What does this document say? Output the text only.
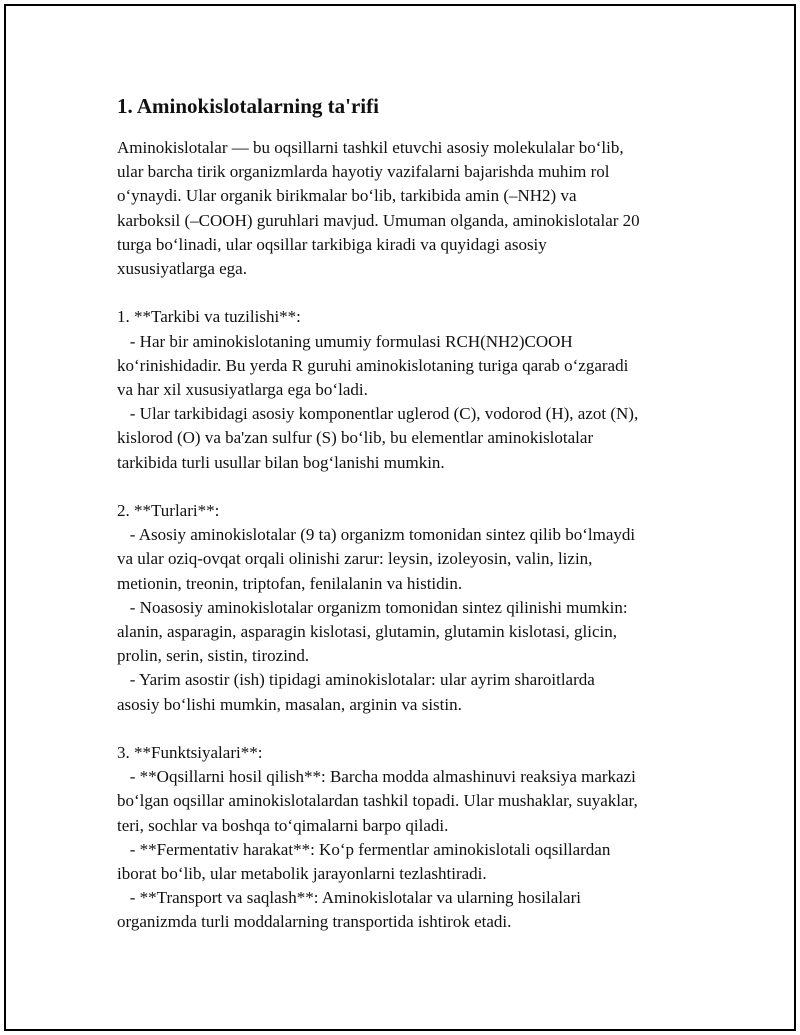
1. Aminokislotalarning ta'rifi

Aminokislotalar — bu oqsillarni tashkil etuvchi asosiy molekulalar bo‘lib,
ular barcha tirik organizmlarda hayotiy vazifalarni bajarishda muhim rol
o‘ynaydi. Ular organik birikmalar bo‘lib, tarkibida amin (–NH2) va
karboksil (–COOH) guruhlari mavjud. Umuman olganda, aminokislotalar 20
turga bo‘linadi, ular oqsillar tarkibiga kiradi va quyidagi asosiy
xususiyatlarga ega.

1. **Tarkibi va tuzilishi**:
- Har bir aminokislotaning umumiy formulasi RCH(NH2)COOH
ko‘rinishidadir. Bu yerda R guruhi aminokislotaning turiga qarab o‘zgaradi
va har xil xususiyatlarga ega bo‘ladi.
- Ular tarkibidagi asosiy komponentlar uglerod (C), vodorod (H), azot (N),
kislorod (O) va ba'zan sulfur (S) bo‘lib, bu elementlar aminokislotalar
tarkibida turli usullar bilan bog‘lanishi mumkin.
2. **Turlari**:
- Asosiy aminokislotalar (9 ta) organizm tomonidan sintez qilib bo‘lmaydi
va ular oziq-ovqat orqali olinishi zarur: leysin, izoleyosin, valin, lizin,
metionin, treonin, triptofan, fenilalanin va histidin.
- Noasosiy aminokislotalar organizm tomonidan sintez qilinishi mumkin:
alanin, asparagin, asparagin kislotasi, glutamin, glutamin kislotasi, glicin,
prolin, serin, sistin, tirozind.
- Yarim asostir (ish) tipidagi aminokislotalar: ular ayrim sharoitlarda
asosiy bo‘lishi mumkin, masalan, arginin va sistin.
3. **Funktsiyalari**:
- **Oqsillarni hosil qilish**: Barcha modda almashinuvi reaksiya markazi
bo‘lgan oqsillar aminokislotalardan tashkil topadi. Ular mushaklar, suyaklar,
teri, sochlar va boshqa to‘qimalarni barpo qiladi.
- **Fermentativ harakat**: Ko‘p fermentlar aminokislotali oqsillardan
iborat bo‘lib, ular metabolik jarayonlarni tezlashtiradi.
- **Transport va saqlash**: Aminokislotalar va ularning hosilalari
organizmda turli moddalarning transportida ishtirok etadi.
